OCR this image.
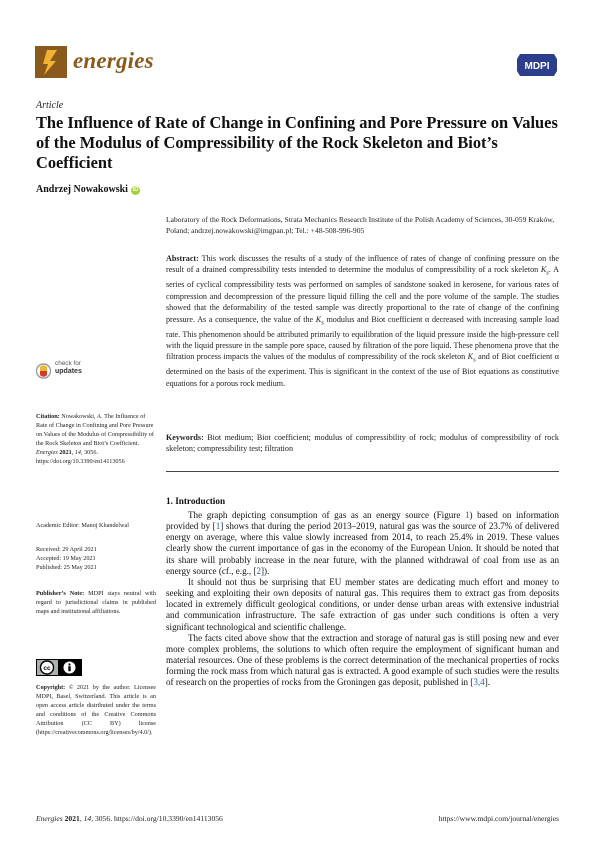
energies	MDPI
Article
The Influence of Rate of Change in Confining and Pore Pressure on Values of the Modulus of Compressibility of the Rock Skeleton and Biot’s Coefficient
Andrzej Nowakowski iD
Laboratory of the Rock Deformations, Strata Mechanics Research Institute of the Polish Academy of Sciences, 30-059 Kraków, Poland; andrzej.nowakowski@imgpan.pl; Tel.: +48-508-996-905

Abstract: This work discusses the results of a study of the influence of rates of change of confining pressure on the result of a drained compressibility tests intended to determine the modulus of compressibility of a rock skeleton $K_s$. A series of cyclical compressibility tests was performed on samples of sandstone soaked in kerosene, for various rates of compression and decompression of the pressure liquid filling the cell and the pore volume of the sample. The studies showed that the deformability of the tested sample was directly proportional to the rate of change of the confining pressure. As a consequence, the value of the $K_s$ modulus and Biot coefficient α decreased with increasing sample load rate. This phenomenon should be attributed primarily to equilibration of the liquid pressure inside the high-pressure cell with the liquid pressure in the sample pore space, caused by filtration of the pore liquid. These phenomena prove that the filtration process impacts the values of the modulus of compressibility of the rock skeleton $K_s$ and of Biot coefficient α determined on the basis of the experiment. This is significant in the context of the use of Biot equations as constitutive equations for a porous rock medium.

Keywords: Biot medium; Biot coefficient; modulus of compressibility of rock; modulus of compressibility of rock skeleton; compressibility test; filtration

1. Introduction

The graph depicting consumption of gas as an energy source (Figure 1) based on information provided by [1] shows that during the period 2013–2019, natural gas was the source of 23.7% of delivered energy on average, where this value slowly increased from 2014, to reach 25.4% in 2019. These values clearly show the current importance of gas in the economy of the European Union. It should be noted that its share will probably increase in the near future, with the planned withdrawal of coal from use as an energy source (cf., e.g., [2]).

It should not thus be surprising that EU member states are dedicating much effort and money to seeking and exploiting their own deposits of natural gas. This requires them to extract gas from deposits located in extremely difficult geological conditions, or under dense urban areas with extensive industrial and communication infrastructure. The safe extraction of gas under such conditions is often a very significant technological and scientific challenge.

The facts cited above show that the extraction and storage of natural gas is still posing new and ever more complex problems, the solutions to which often require the employment of significant human and material resources. One of these problems is the correct determination of the mechanical properties of rocks forming the rock mass from which natural gas is extracted. A good example of such studies were the results of research on the properties of rocks from the Groningen gas deposit, published in [3,4].

check for
updates
Citation: Nowakowski, A. The Influence of Rate of Change in Confining and Pore Pressure on Values of the Modulus of Compressibility of the Rock Skeleton and Biot’s Coefficient. Energies 2021, 14, 3056. https://doi.org/10.3390/en14113056
Academic Editor: Manoj Khandelwal
Received: 29 April 2021
Accepted: 19 May 2021
Published: 25 May 2021
Publisher’s Note: MDPI stays neutral with regard to jurisdictional claims in published maps and institutional affiliations.
cc
Copyright: © 2021 by the author. Licensee MDPI, Basel, Switzerland. This article is an open access article distributed under the terms and conditions of the Creative Commons Attribution (CC BY) license (https://creativecommons.org/licenses/by/4.0/).
Energies 2021, 14, 3056. https://doi.org/10.3390/en14113056	https://www.mdpi.com/journal/energies
